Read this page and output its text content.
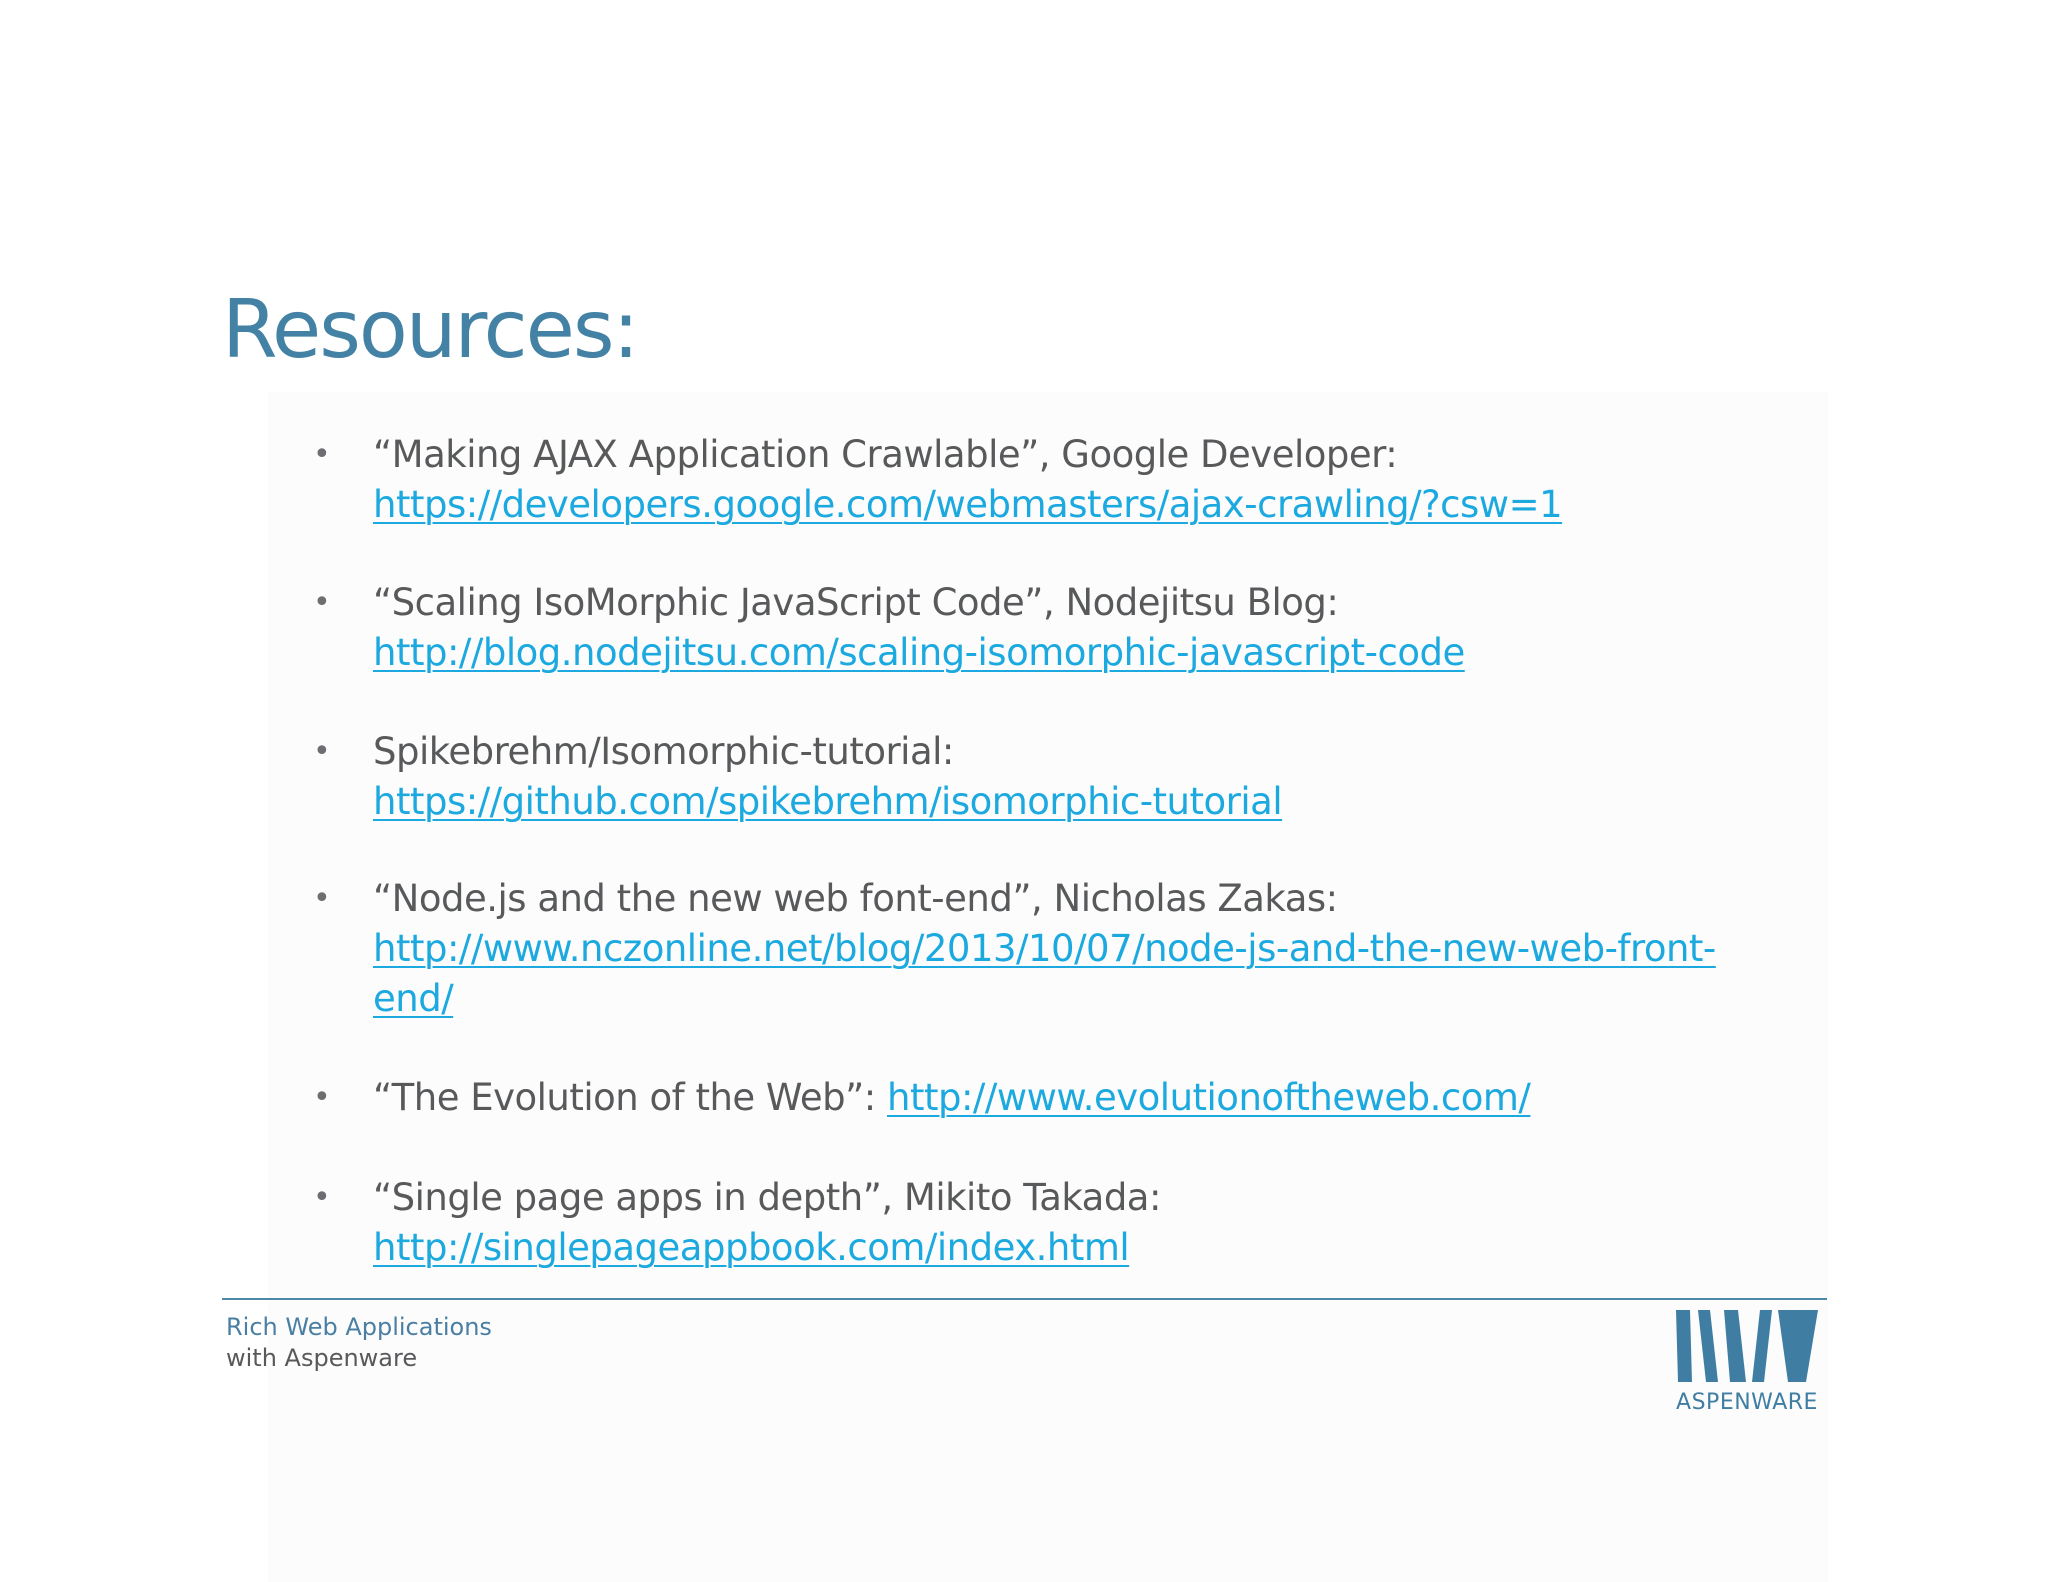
Resources:
• “Making AJAX Application Crawlable”, Google Developer:
https://developers.google.com/webmasters/ajax-crawling/?csw=1
• “Scaling IsoMorphic JavaScript Code”, Nodejitsu Blog:
http://blog.nodejitsu.com/scaling-isomorphic-javascript-code
• Spikebrehm/Isomorphic-tutorial:
https://github.com/spikebrehm/isomorphic-tutorial
• “Node.js and the new web font-end”, Nicholas Zakas:
http://www.nczonline.net/blog/2013/10/07/node-js-and-the-new-web-front-
end/
• “The Evolution of the Web”: http://www.evolutionoftheweb.com/
• “Single page apps in depth”, Mikito Takada:
http://singlepageappbook.com/index.html
Rich Web Applications
with Aspenware
ASPENWARE
